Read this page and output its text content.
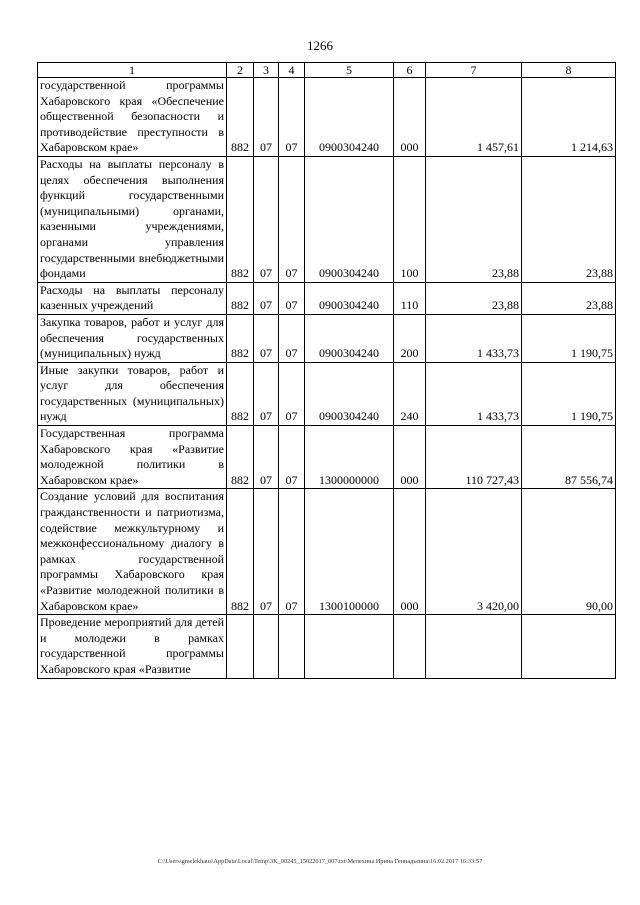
1266
1	2	3	4	5	6	7	8
государственной программы Хабаровского края «Обеспечение общественной безопасности и противодействие преступности в Хабаровском крае»	882	07	07	0900304240	000	1 457,61	1 214,63
Расходы на выплаты персоналу в целях обеспечения выполнения функций государственными (муниципальными) органами, казенными учреждениями, органами управления государственными внебюджетными фондами	882	07	07	0900304240	100	23,88	23,88
Расходы на выплаты персоналу казенных учреждений	882	07	07	0900304240	110	23,88	23,88
Закупка товаров, работ и услуг для обеспечения государственных (муниципальных) нужд	882	07	07	0900304240	200	1 433,73	1 190,75
Иные закупки товаров, работ и услуг для обеспечения государственных (муниципальных) нужд	882	07	07	0900304240	240	1 433,73	1 190,75
Государственная программа Хабаровского края «Развитие молодежной политики в Хабаровском крае»	882	07	07	1300000000	000	110 727,43	87 556,74
Создание условий для воспитания гражданственности и патриотизма, содействие межкультурному и межконфессиональному диалогу в рамках государственной программы Хабаровского края «Развитие молодежной политики в Хабаровском крае»	882	07	07	1300100000	000	3 420,00	90,00
Проведение мероприятий для детей и молодежи в рамках государственной программы Хабаровского края «Развитие							
C:\Users\gmelekhaus\AppData\Local\Temp\3K_00245_15022017_007.txt\Мелехина Ирина Геннадьевна\16.02.2017 16:33:57
